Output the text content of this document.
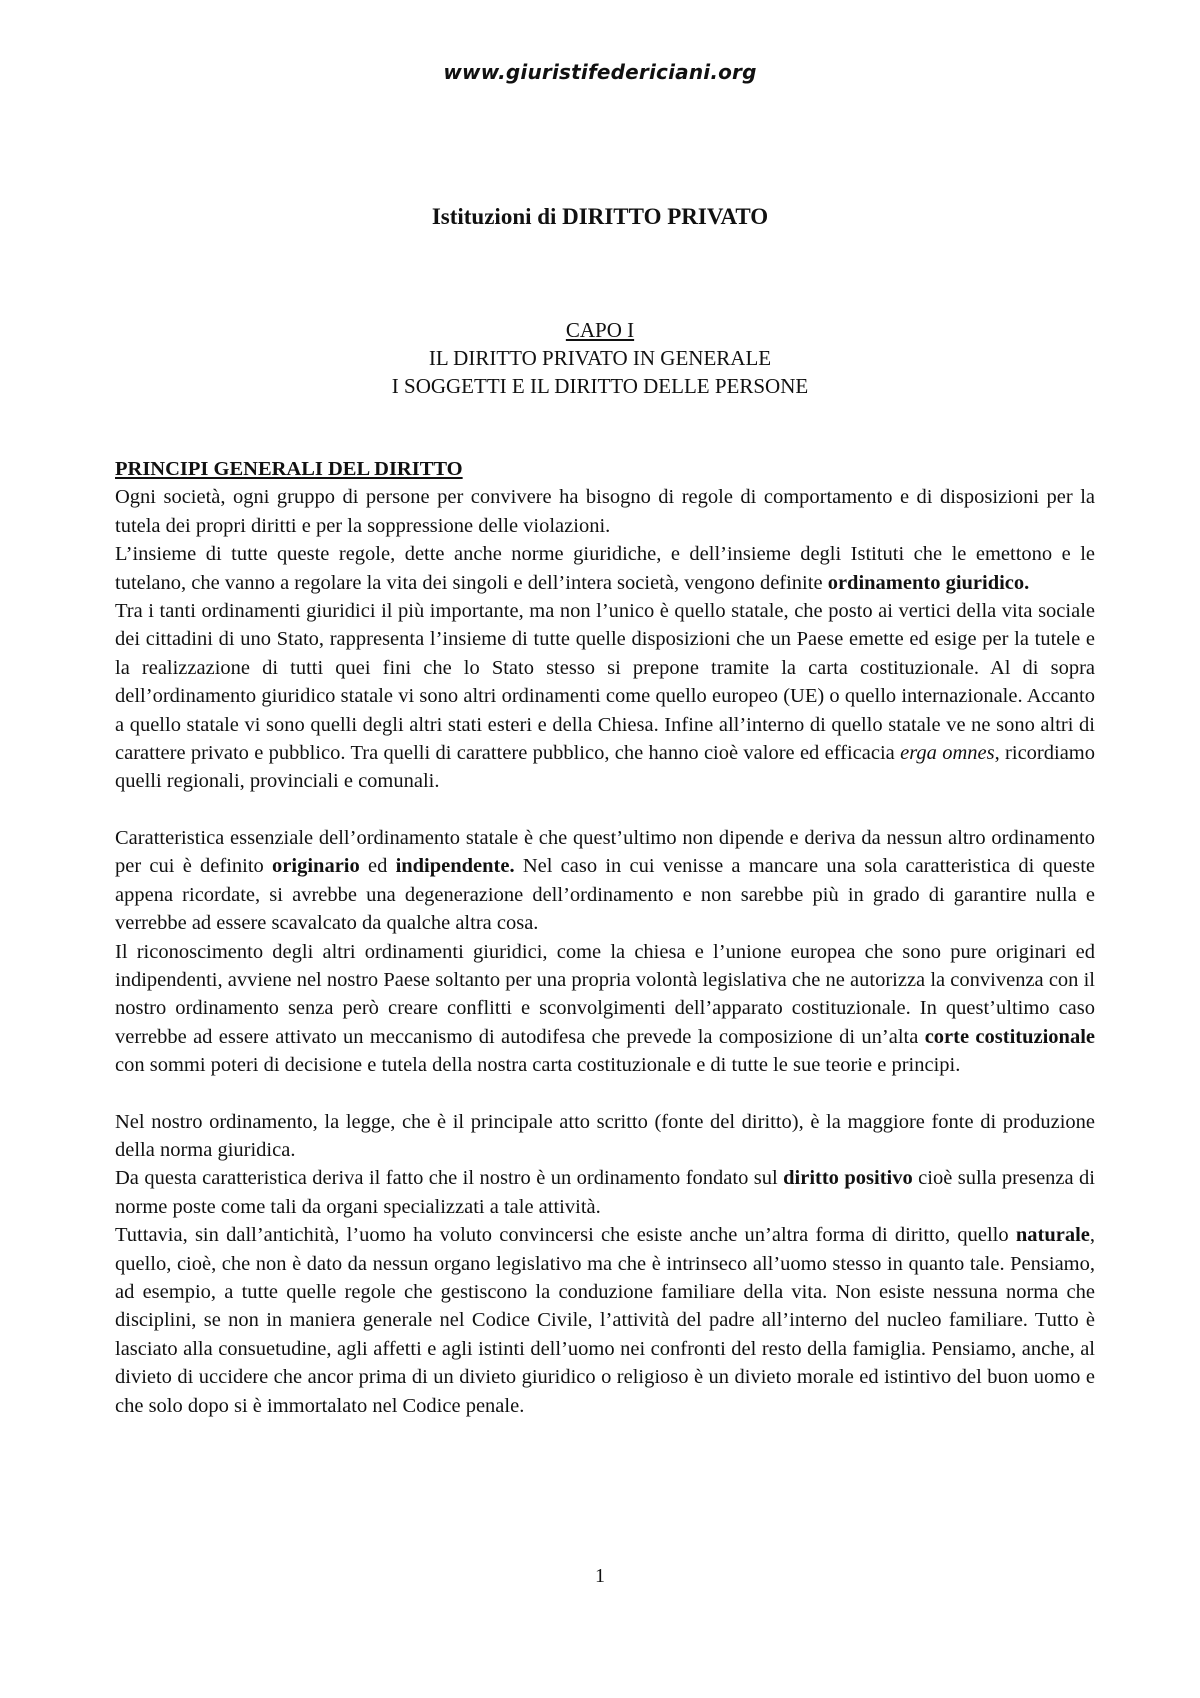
www.giuristifedericiani.org
Istituzioni di DIRITTO PRIVATO
CAPO I
IL DIRITTO PRIVATO IN GENERALE
I SOGGETTI E IL DIRITTO DELLE PERSONE

PRINCIPI GENERALI DEL DIRITTO

Ogni società, ogni gruppo di persone per convivere ha bisogno di regole di comportamento e di disposizioni per la tutela dei propri diritti e per la soppressione delle violazioni.

L’insieme di tutte queste regole, dette anche norme giuridiche, e dell’insieme degli Istituti che le emettono e le tutelano, che vanno a regolare la vita dei singoli e dell’intera società, vengono definite ordinamento giuridico.

Tra i tanti ordinamenti giuridici il più importante, ma non l’unico è quello statale, che posto ai vertici della vita sociale dei cittadini di uno Stato, rappresenta l’insieme di tutte quelle disposizioni che un Paese emette ed esige per la tutele e la realizzazione di tutti quei fini che lo Stato stesso si prepone tramite la carta costituzionale. Al di sopra dell’ordinamento giuridico statale vi sono altri ordinamenti come quello europeo (UE) o quello internazionale. Accanto a quello statale vi sono quelli degli altri stati esteri e della Chiesa. Infine all’interno di quello statale ve ne sono altri di carattere privato e pubblico. Tra quelli di carattere pubblico, che hanno cioè valore ed efficacia erga omnes, ricordiamo quelli regionali, provinciali e comunali.

Caratteristica essenziale dell’ordinamento statale è che quest’ultimo non dipende e deriva da nessun altro ordinamento per cui è definito originario ed indipendente. Nel caso in cui venisse a mancare una sola caratteristica di queste appena ricordate, si avrebbe una degenerazione dell’ordinamento e non sarebbe più in grado di garantire nulla e verrebbe ad essere scavalcato da qualche altra cosa.

Il riconoscimento degli altri ordinamenti giuridici, come la chiesa e l’unione europea che sono pure originari ed indipendenti, avviene nel nostro Paese soltanto per una propria volontà legislativa che ne autorizza la convivenza con il nostro ordinamento senza però creare conflitti e sconvolgimenti dell’apparato costituzionale. In quest’ultimo caso verrebbe ad essere attivato un meccanismo di autodifesa che prevede la composizione di un’alta corte costituzionale con sommi poteri di decisione e tutela della nostra carta costituzionale e di tutte le sue teorie e principi.

Nel nostro ordinamento, la legge, che è il principale atto scritto (fonte del diritto), è la maggiore fonte di produzione della norma giuridica.

Da questa caratteristica deriva il fatto che il nostro è un ordinamento fondato sul diritto positivo cioè sulla presenza di norme poste come tali da organi specializzati a tale attività.

Tuttavia, sin dall’antichità, l’uomo ha voluto convincersi che esiste anche un’altra forma di diritto, quello naturale, quello, cioè, che non è dato da nessun organo legislativo ma che è intrinseco all’uomo stesso in quanto tale. Pensiamo, ad esempio, a tutte quelle regole che gestiscono la conduzione familiare della vita. Non esiste nessuna norma che disciplini, se non in maniera generale nel Codice Civile, l’attività del padre all’interno del nucleo familiare. Tutto è lasciato alla consuetudine, agli affetti e agli istinti dell’uomo nei confronti del resto della famiglia. Pensiamo, anche, al divieto di uccidere che ancor prima di un divieto giuridico o religioso è un divieto morale ed istintivo del buon uomo e che solo dopo si è immortalato nel Codice penale.

1
